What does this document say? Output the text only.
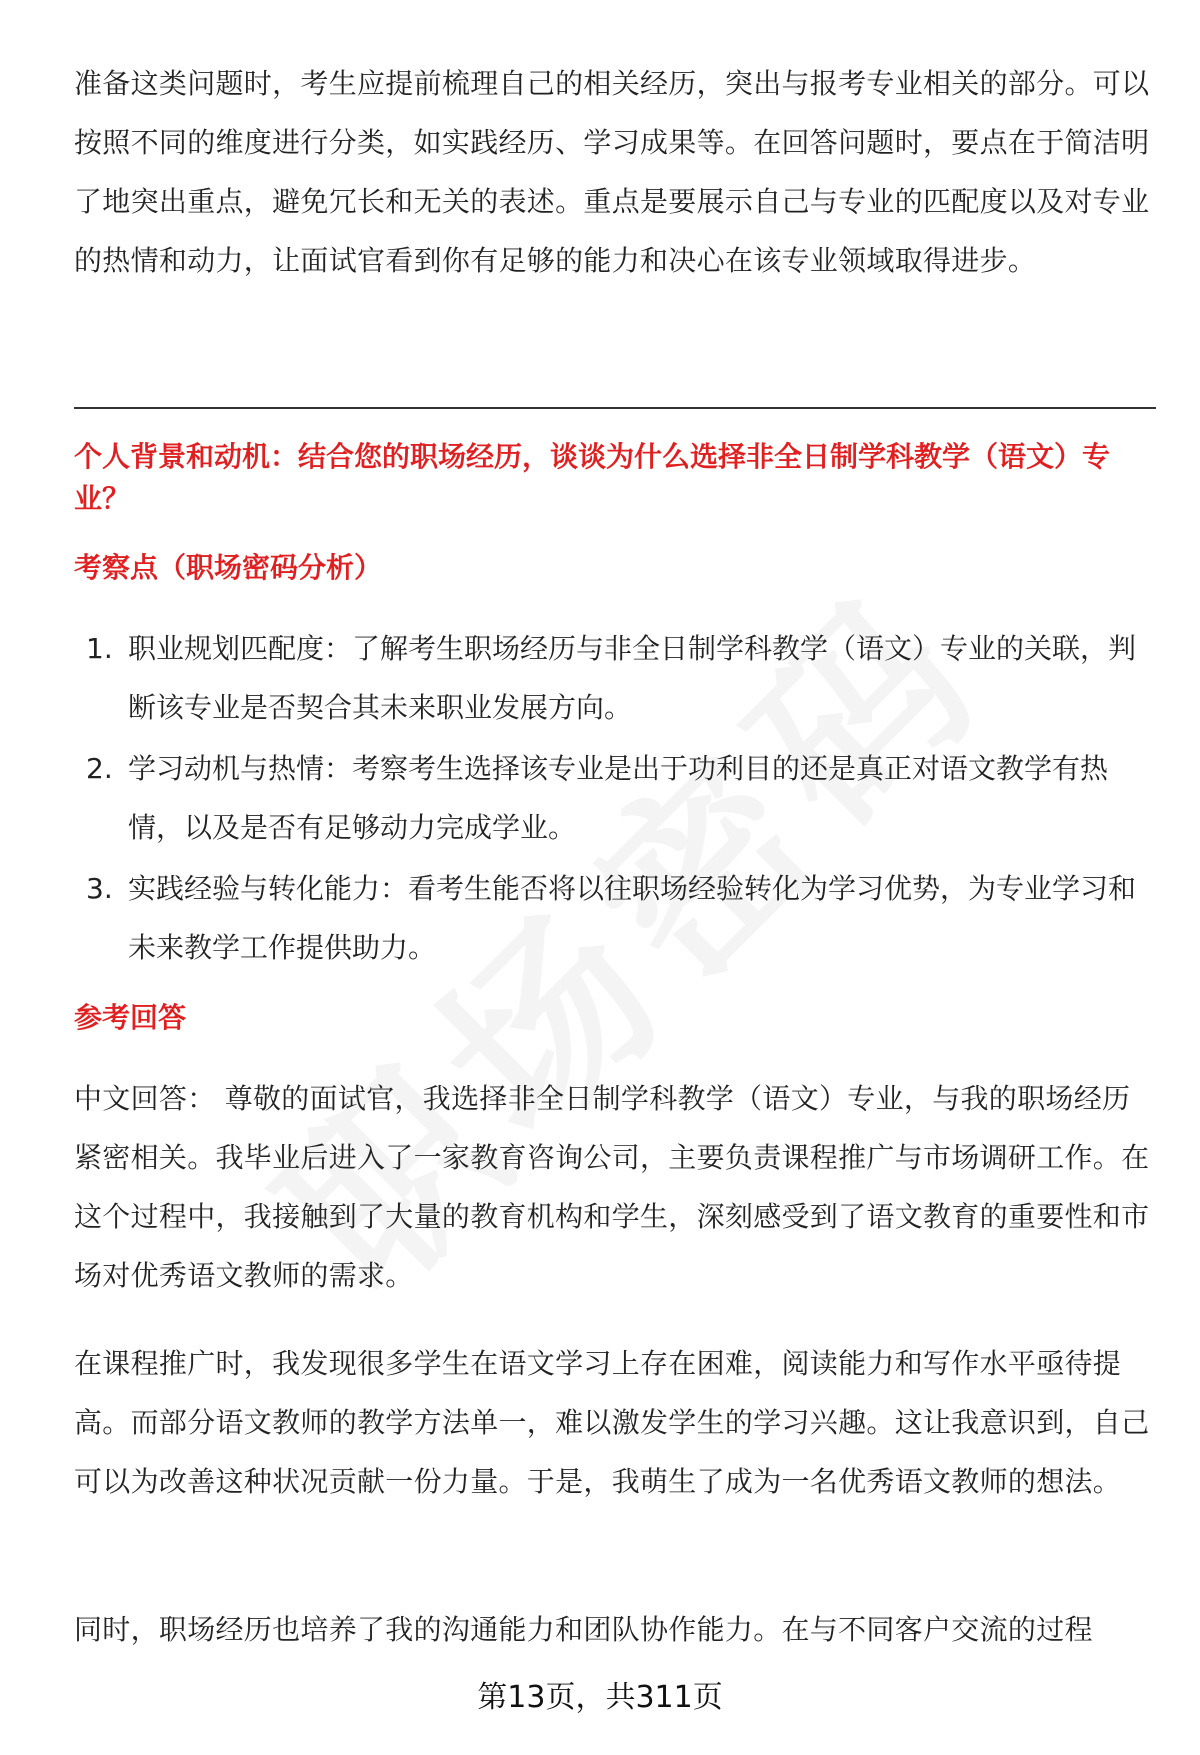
准备这类问题时，考生应提前梳理自己的相关经历，突出与报考专业相关的部分。可以按照不同的维度进行分类，如实践经历、学习成果等。在回答问题时，要点在于简洁明了地突出重点，避免冗长和无关的表述。重点是要展示自己与专业的匹配度以及对专业的热情和动力，让面试官看到你有足够的能力和决心在该专业领域取得进步。

个人背景和动机：结合您的职场经历，谈谈为什么选择非全日制学科教学（语文）专业？
考察点（职场密码分析）
1. 职业规划匹配度：了解考生职场经历与非全日制学科教学（语文）专业的关联，判断该专业是否契合其未来职业发展方向。
2. 学习动机与热情：考察考生选择该专业是出于功利目的还是真正对语文教学有热情，以及是否有足够动力完成学业。
3. 实践经验与转化能力：看考生能否将以往职场经验转化为学习优势，为专业学习和未来教学工作提供助力。
参考回答

中文回答： 尊敬的面试官，我选择非全日制学科教学（语文）专业，与我的职场经历紧密相关。我毕业后进入了一家教育咨询公司，主要负责课程推广与市场调研工作。在这个过程中，我接触到了大量的教育机构和学生，深刻感受到了语文教育的重要性和市场对优秀语文教师的需求。

在课程推广时，我发现很多学生在语文学习上存在困难，阅读能力和写作水平亟待提高。而部分语文教师的教学方法单一，难以激发学生的学习兴趣。这让我意识到，自己可以为改善这种状况贡献一份力量。于是，我萌生了成为一名优秀语文教师的想法。

同时，职场经历也培养了我的沟通能力和团队协作能力。在与不同客户交流的过程

第13页，共311页
